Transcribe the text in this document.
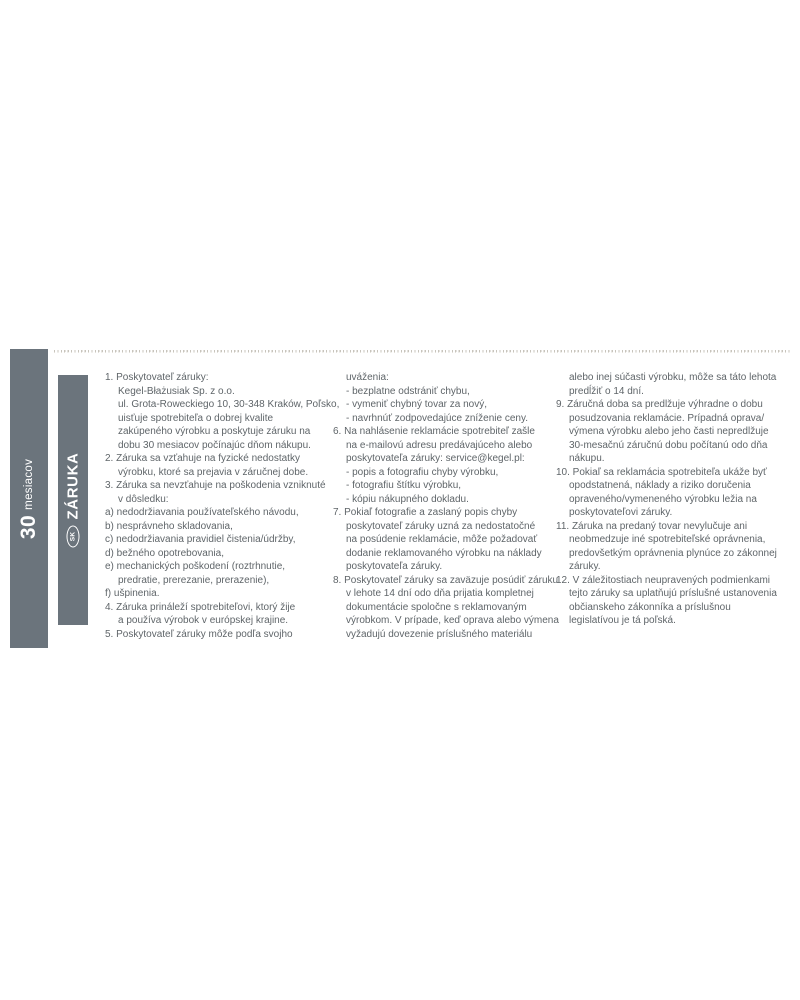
30
mesiacov
SK
ZÁRUKA
1. Poskytovateľ záruky:
Kegel-Błażusiak Sp. z o.o.
ul. Grota-Roweckiego 10, 30-348 Kraków, Poľsko,
uisťuje spotrebiteľa o dobrej kvalite
zakúpeného výrobku a poskytuje záruku na
dobu 30 mesiacov počínajúc dňom nákupu.
2. Záruka sa vzťahuje na fyzické nedostatky
výrobku, ktoré sa prejavia v záručnej dobe.
3. Záruka sa nevzťahuje na poškodenia vzniknuté
v dôsledku:
a) nedodržiavania používateľského návodu,
b) nesprávneho skladovania,
c) nedodržiavania pravidiel čistenia/údržby,
d) bežného opotrebovania,
e) mechanických poškodení (roztrhnutie,
predratie, prerezanie, prerazenie),
f) ušpinenia.
4. Záruka prináleží spotrebiteľovi, ktorý žije
a používa výrobok v európskej krajine.
5. Poskytovateľ záruky môže podľa svojho
uváženia:
- bezplatne odstrániť chybu,
- vymeniť chybný tovar za nový,
- navrhnúť zodpovedajúce zníženie ceny.
6. Na nahlásenie reklamácie spotrebiteľ zašle
na e-mailovú adresu predávajúceho alebo
poskytovateľa záruky: service@kegel.pl:
- popis a fotografiu chyby výrobku,
- fotografiu štítku výrobku,
- kópiu nákupného dokladu.
7. Pokiaľ fotografie a zaslaný popis chyby
poskytovateľ záruky uzná za nedostatočné
na posúdenie reklamácie, môže požadovať
dodanie reklamovaného výrobku na náklady
poskytovateľa záruky.
8. Poskytovateľ záruky sa zaväzuje posúdiť záruku
v lehote 14 dní odo dňa prijatia kompletnej
dokumentácie spoločne s reklamovaným
výrobkom. V prípade, keď oprava alebo výmena
vyžadujú dovezenie príslušného materiálu
alebo inej súčasti výrobku, môže sa táto lehota
predĺžiť o 14 dní.
9. Záručná doba sa predlžuje výhradne o dobu
posudzovania reklamácie. Prípadná oprava/
výmena výrobku alebo jeho časti nepredlžuje
30-mesačnú záručnú dobu počítanú odo dňa
nákupu.
10. Pokiaľ sa reklamácia spotrebiteľa ukáže byť
opodstatnená, náklady a riziko doručenia
opraveného/vymeneného výrobku ležia na
poskytovateľovi záruky.
11. Záruka na predaný tovar nevylučuje ani
neobmedzuje iné spotrebiteľské oprávnenia,
predovšetkým oprávnenia plynúce zo zákonnej
záruky.
12. V záležitostiach neupravených podmienkami
tejto záruky sa uplatňujú príslušné ustanovenia
občianskeho zákonníka a príslušnou
legislatívou je tá poľská.
